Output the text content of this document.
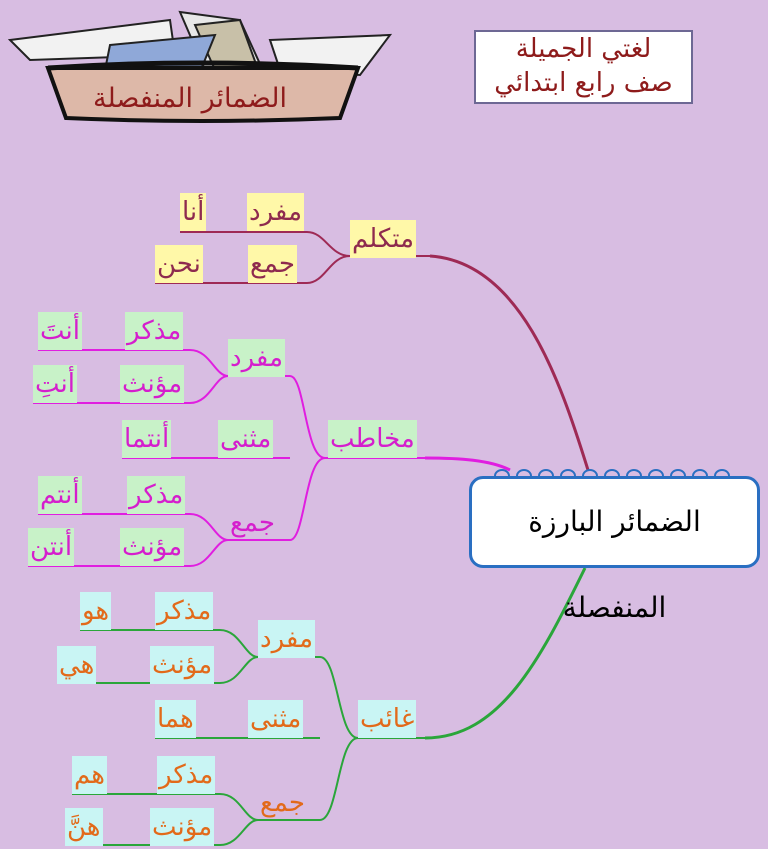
الضمائر المنفصلة
لغتي الجميلة
صف رابع ابتدائي
الضمائر البارزة المنفصلة
متكلم
مفرد
أنا
جمع
نحن
مخاطب
مفرد
مذكر
أنتَ
مؤنث
أنتِ
مثنى
أنتما
جمع
مذكر
أنتم
مؤنث
أنتن
غائب
مفرد
مذكر
هو
مؤنث
هي
مثنى
هما
جمع
مذكر
هم
مؤنث
هنَّ
